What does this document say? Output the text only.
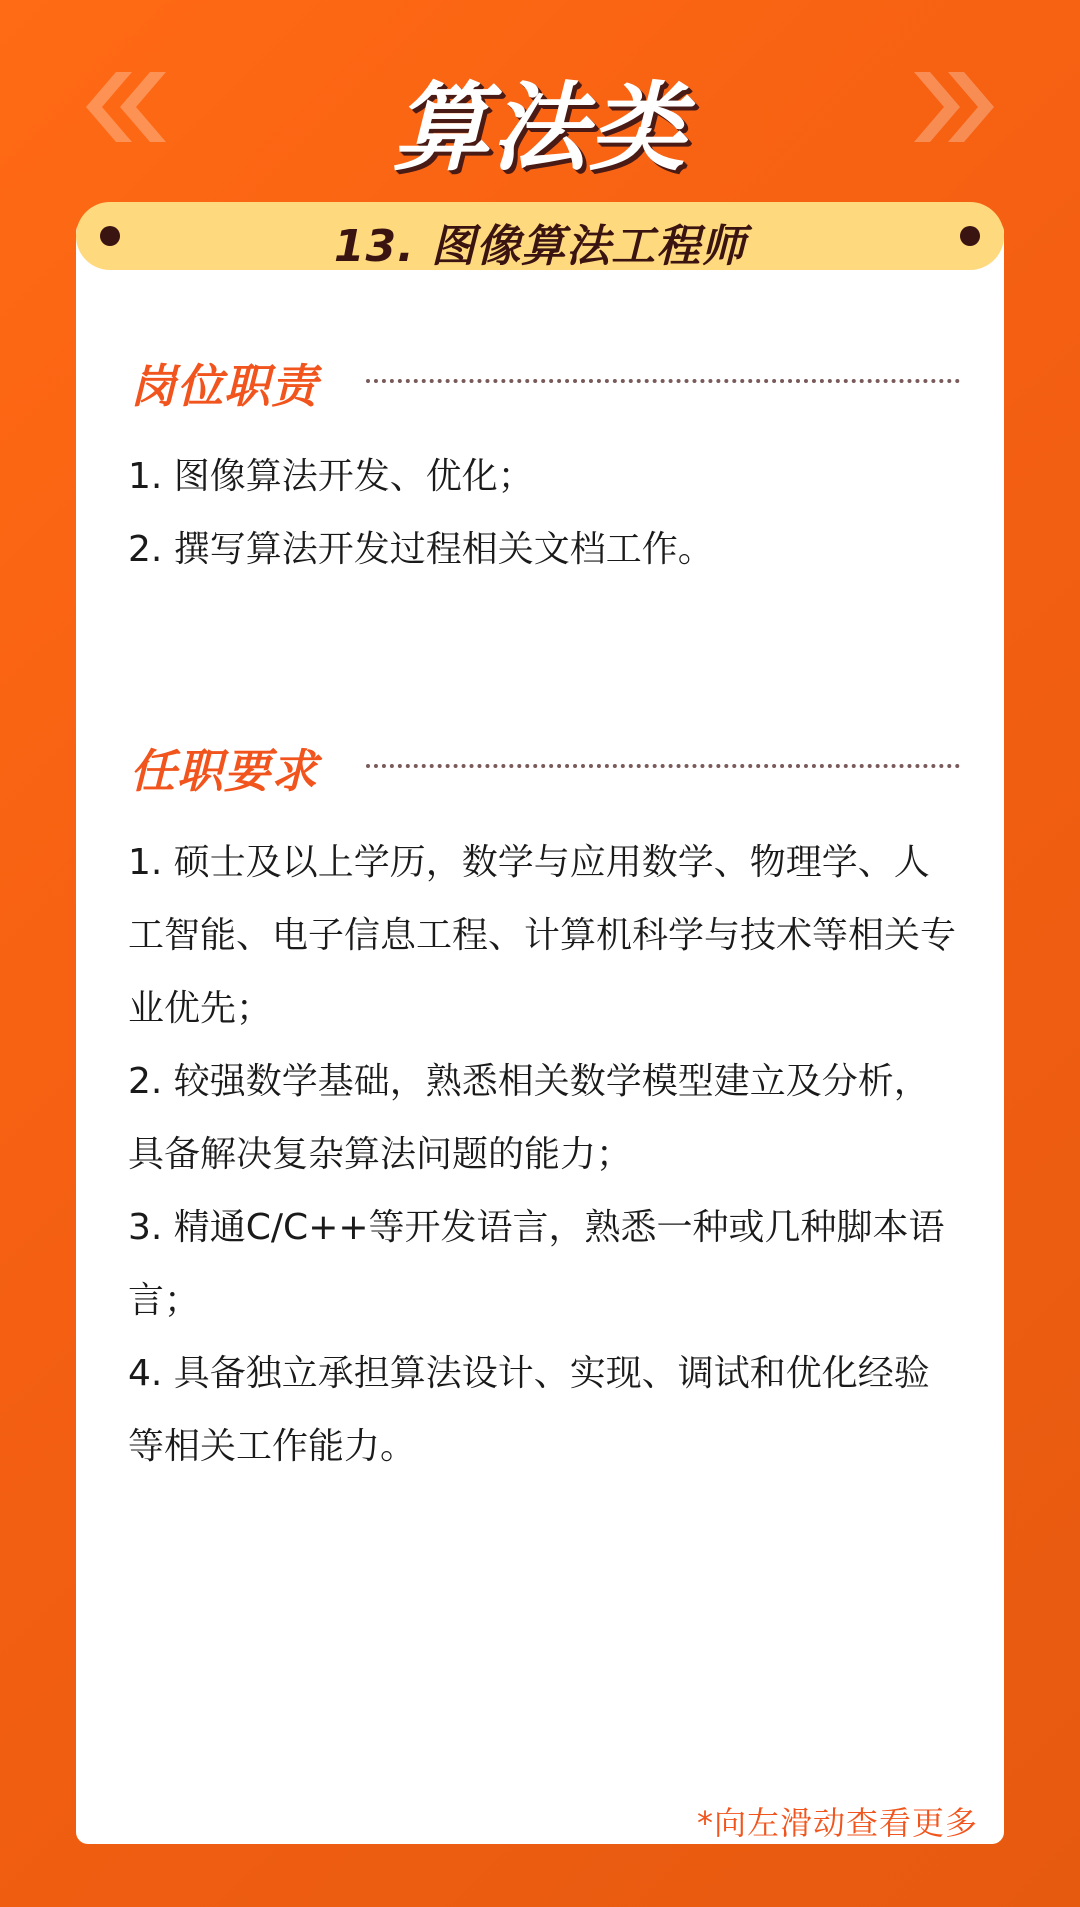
算法类
13. 图像算法工程师
岗位职责

1. 图像算法开发、优化；

2. 撰写算法开发过程相关文档工作。

任职要求

1. 硕士及以上学历，数学与应用数学、物理学、人工智能、电子信息工程、计算机科学与技术等相关专业优先；

2. 较强数学基础，熟悉相关数学模型建立及分析，具备解决复杂算法问题的能力；

3. 精通C/C++等开发语言，熟悉一种或几种脚本语言；

4. 具备独立承担算法设计、实现、调试和优化经验等相关工作能力。

*向左滑动查看更多
